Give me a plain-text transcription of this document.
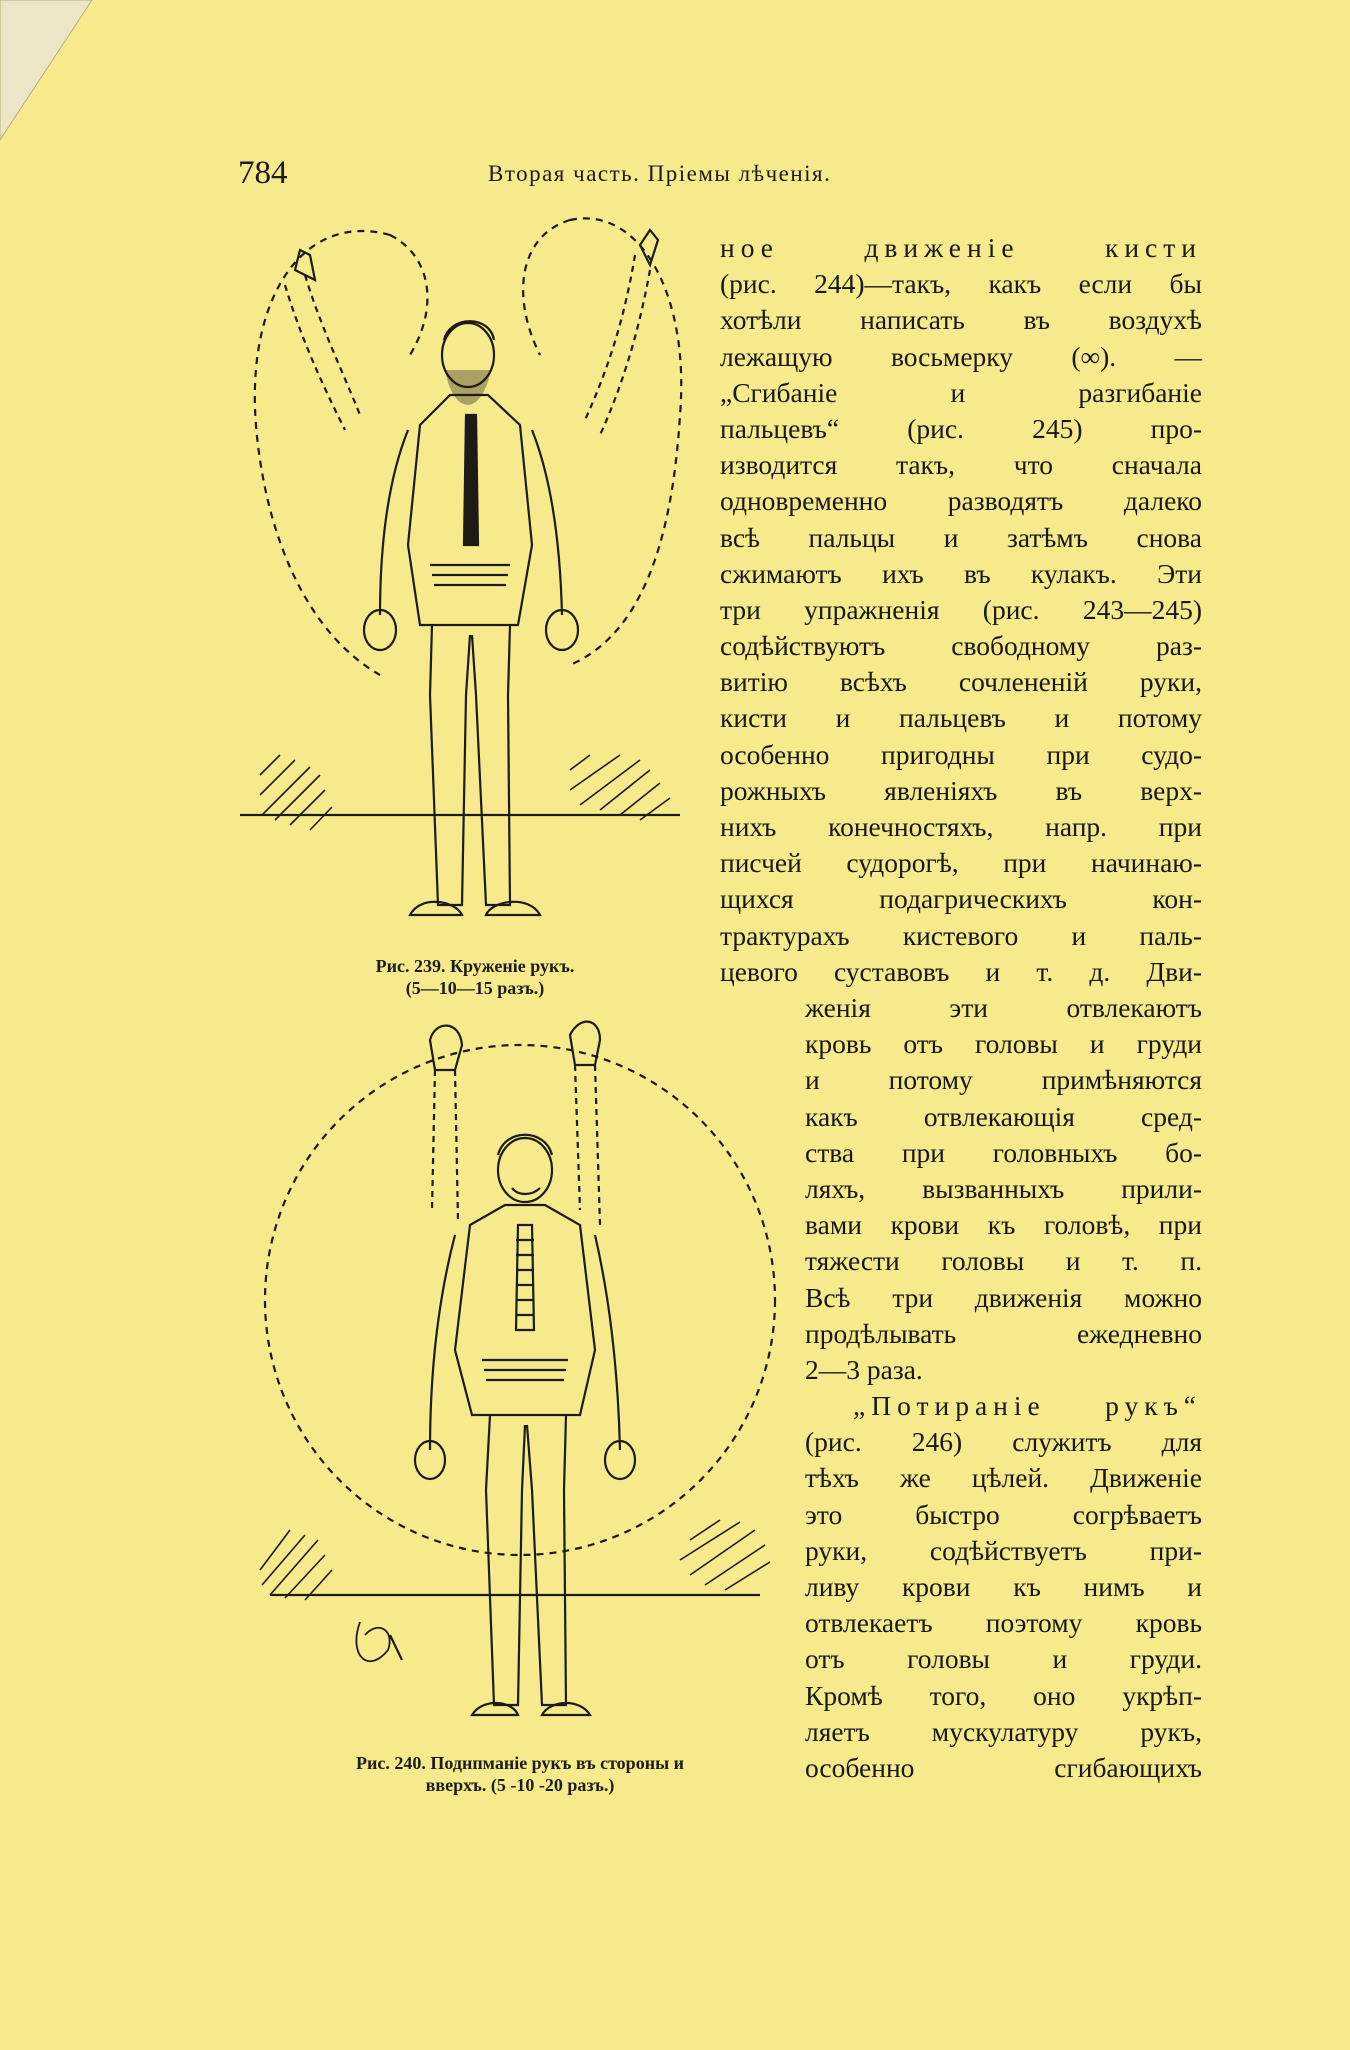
784	Вторая часть. Пріемы лѣченія.
Рис. 239. Круженіе рукъ.
(5—10—15 разъ.)
Рис. 240. Поднпманіе рукъ въ стороны и
вверхъ. (5 -10 -20 разъ.)
ное движеніе кисти
(рис. 244)—такъ, какъ если бы
хотѣли написать въ воздухѣ
лежащую восьмерку (∞). —
„Сгибаніе и разгибаніе
пальцевъ“ (рис. 245) про-
изводится такъ, что сначала
одновременно разводятъ далеко
всѣ пальцы и затѣмъ снова
сжимаютъ ихъ въ кулакъ. Эти
три упражненія (рис. 243—245)
содѣйствуютъ свободному раз-
витію всѣхъ сочлененій руки,
кисти и пальцевъ и потому
особенно пригодны при судо-
рожныхъ явленіяхъ въ верх-
нихъ конечностяхъ, напр. при
писчей судорогѣ, при начинаю-
щихся подагрическихъ кон-
трактурахъ кистевого и паль-
цевого суставовъ и т. д. Дви-
женія эти отвлекаютъ
кровь отъ головы и груди
и потому примѣняются
какъ отвлекающія сред-
ства при головныхъ бо-
ляхъ, вызванныхъ прили-
вами крови къ головѣ, при
тяжести головы и т. п.
Всѣ три движенія можно
продѣлывать ежедневно
2—3 раза.
„Потираніе рукъ“
(рис. 246) служитъ для
тѣхъ же цѣлей. Движеніе
это быстро согрѣваетъ
руки, содѣйствуетъ при-
ливу крови къ нимъ и
отвлекаетъ поэтому кровь
отъ головы и груди.
Кромѣ того, оно укрѣп-
ляетъ мускулатуру рукъ,
особенно сгибающихъ
